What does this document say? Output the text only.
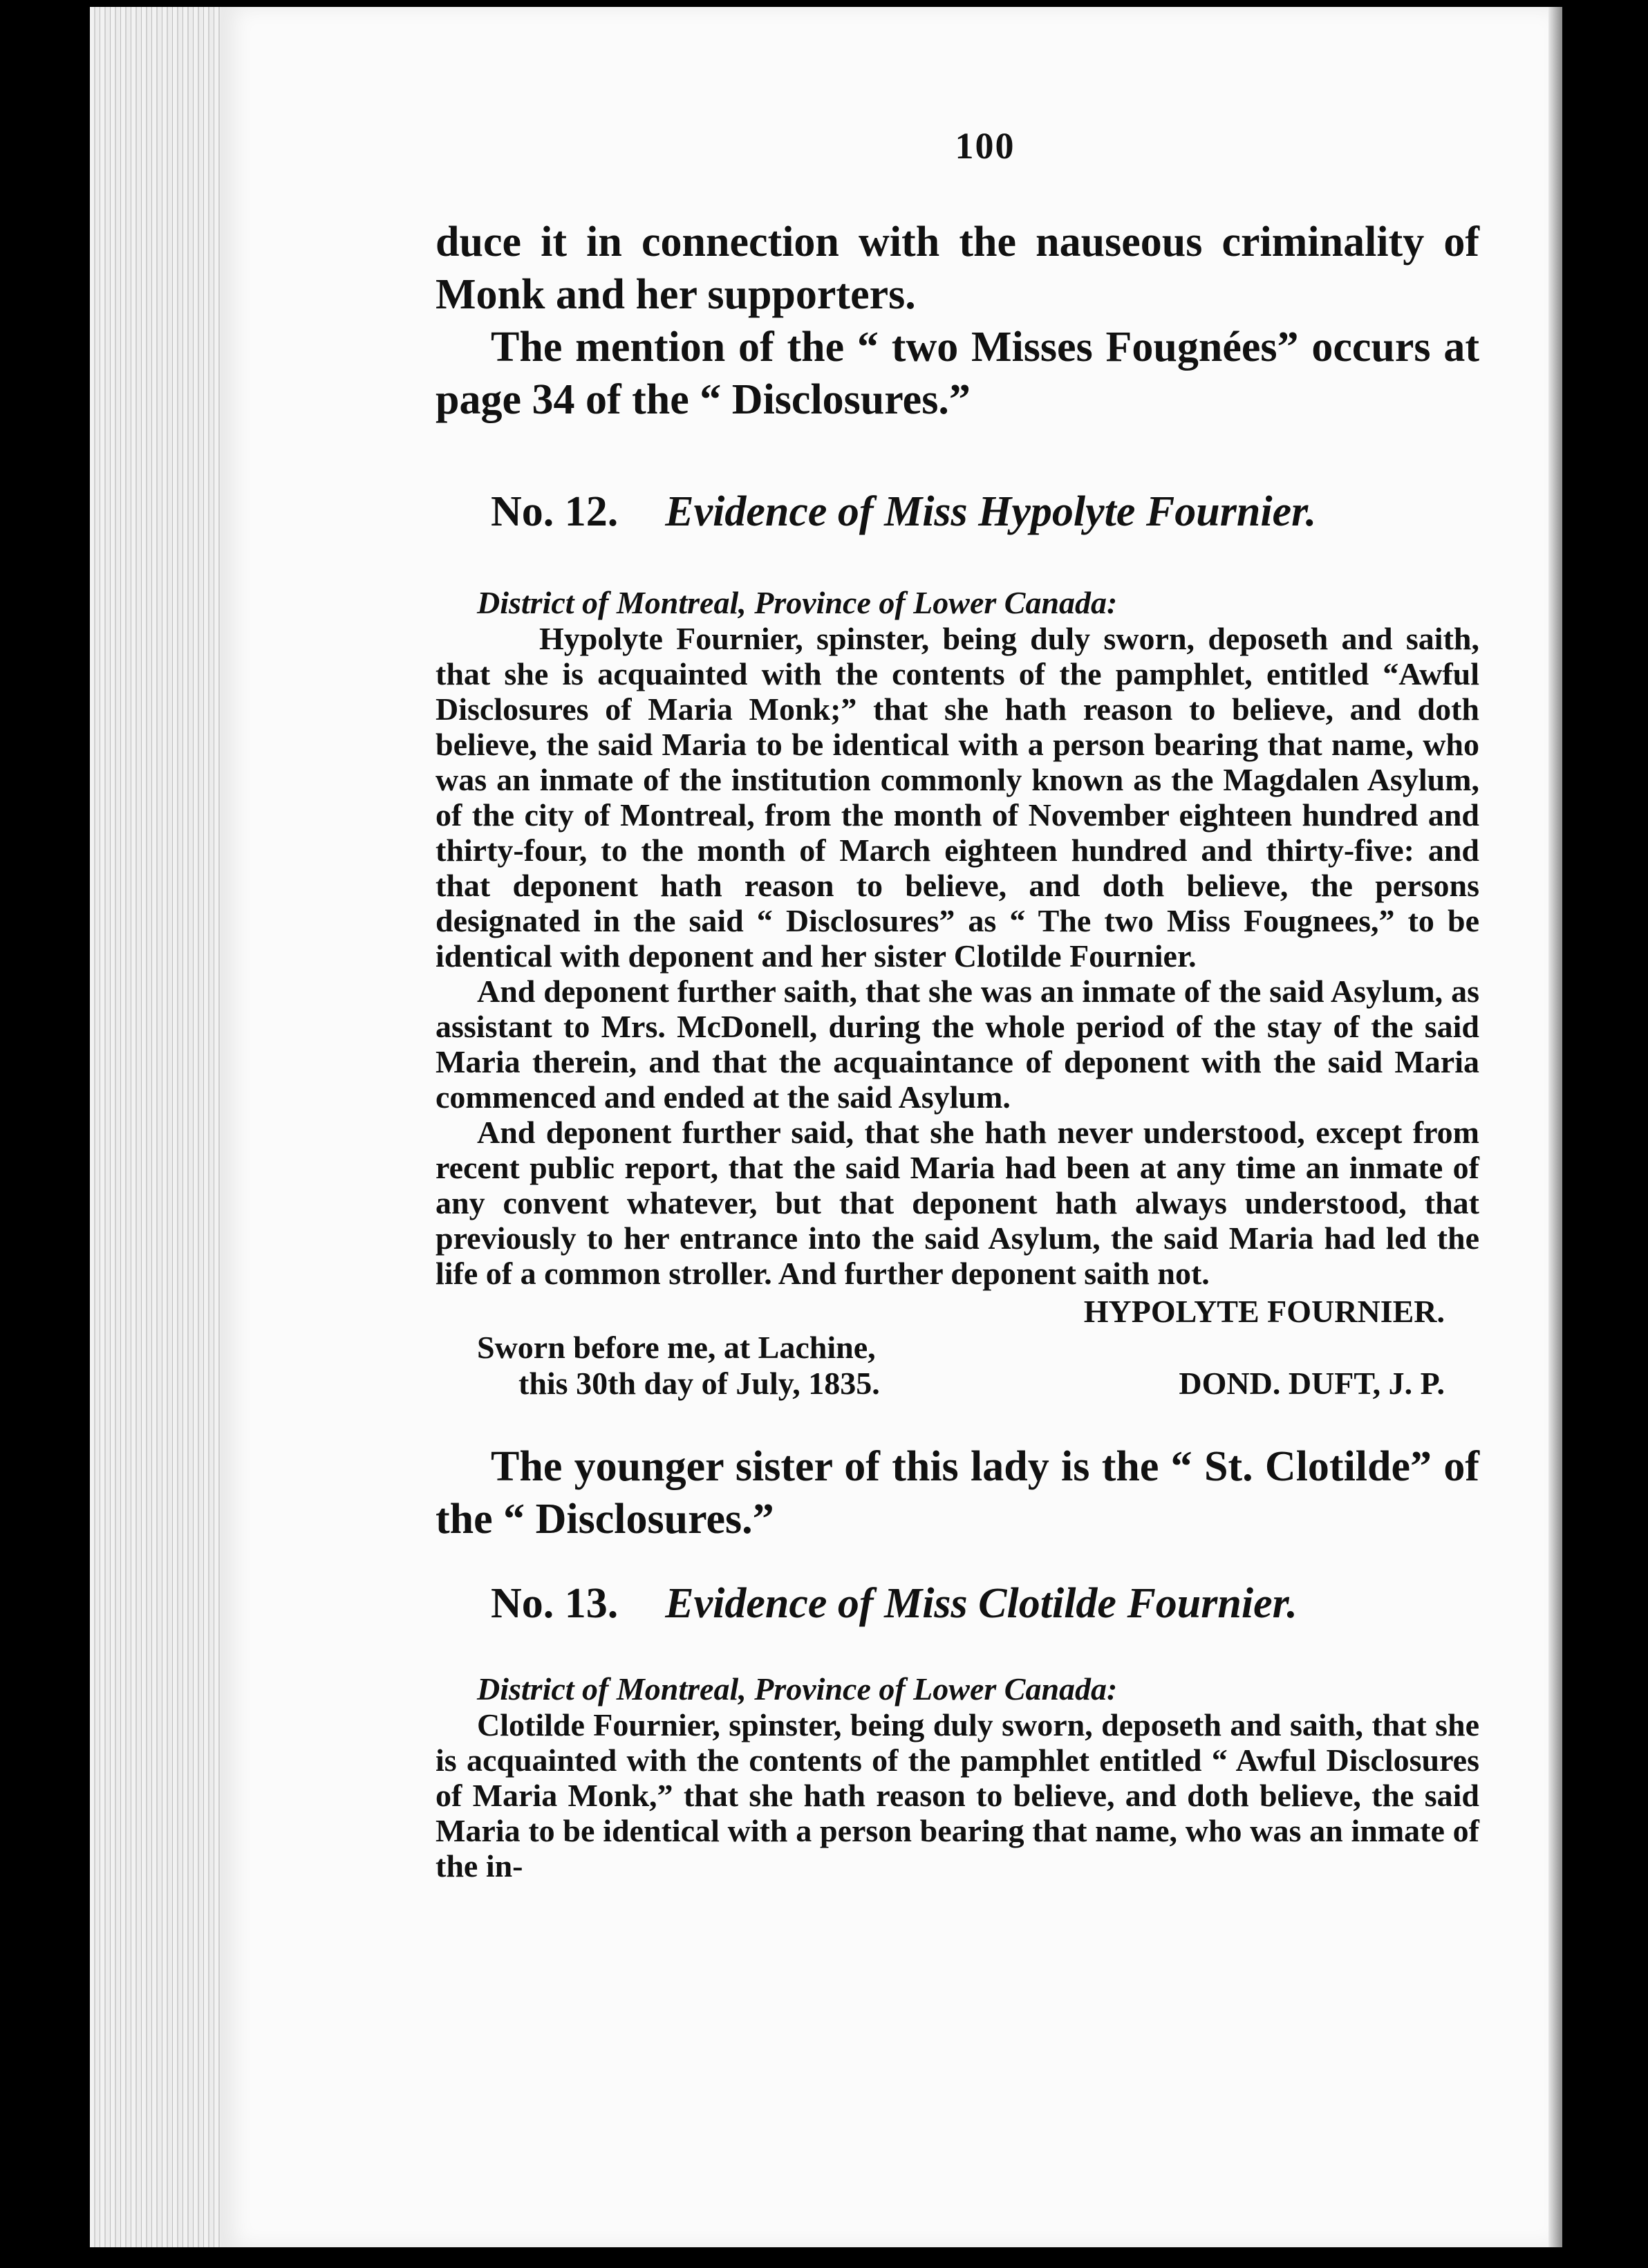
100

duce it in connection with the nauseous criminality of Monk and her supporters.

The mention of the “ two Misses Fougnées” occurs at page 34 of the “ Disclosures.”

No. 12. Evidence of Miss Hypolyte Fournier.
District of Montreal, Province of Lower Canada:

Hypolyte Fournier, spinster, being duly sworn, deposeth and saith, that she is acquainted with the contents of the pamphlet, entitled “Awful Disclosures of Maria Monk;” that she hath reason to believe, and doth believe, the said Maria to be identical with a person bearing that name, who was an inmate of the institution commonly known as the Magdalen Asylum, of the city of Montreal, from the month of November eighteen hundred and thirty-four, to the month of March eighteen hundred and thirty-five: and that deponent hath reason to believe, and doth believe, the persons designated in the said “ Disclosures” as “ The two Miss Fougnees,” to be identical with deponent and her sister Clotilde Fournier.

And deponent further saith, that she was an inmate of the said Asylum, as assistant to Mrs. McDonell, during the whole period of the stay of the said Maria therein, and that the acquaintance of deponent with the said Maria commenced and ended at the said Asylum.

And deponent further said, that she hath never understood, except from recent public report, that the said Maria had been at any time an inmate of any convent whatever, but that deponent hath always understood, that previously to her entrance into the said Asylum, the said Maria had led the life of a common stroller. And further deponent saith not.

HYPOLYTE FOURNIER.
Sworn before me, at Lachine,
this 30th day of July, 1835.	DOND. DUFT, J. P.

The younger sister of this lady is the “ St. Clotilde” of the “ Disclosures.”

No. 13. Evidence of Miss Clotilde Fournier.
District of Montreal, Province of Lower Canada:

Clotilde Fournier, spinster, being duly sworn, deposeth and saith, that she is acquainted with the contents of the pamphlet entitled “ Awful Disclosures of Maria Monk,” that she hath reason to believe, and doth believe, the said Maria to be identical with a person bearing that name, who was an inmate of the in-
